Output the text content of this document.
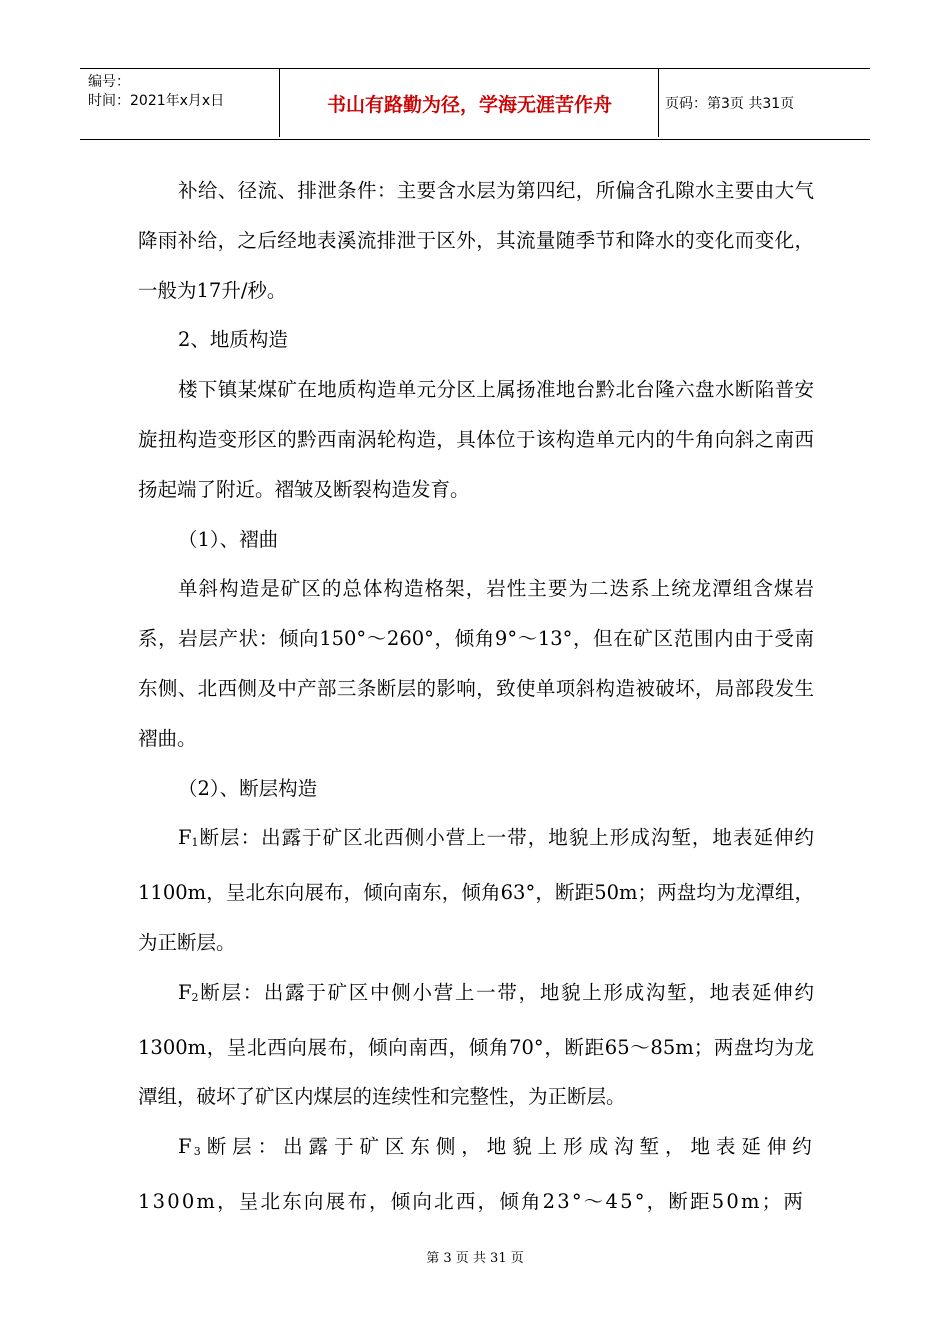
编号：
时间：2021年x月x日	书山有路勤为径，学海无涯苦作舟	页码：第3页 共31页

补给、径流、排泄条件：主要含水层为第四纪，所偏含孔隙水主要由大气降雨补给，之后经地表溪流排泄于区外，其流量随季节和降水的变化而变化，一般为17升/秒。

2、地质构造

楼下镇某煤矿在地质构造单元分区上属扬准地台黔北台隆六盘水断陷普安旋扭构造变形区的黔西南涡轮构造，具体位于该构造单元内的牛角向斜之南西扬起端了附近。褶皱及断裂构造发育。

（1）、褶曲

单斜构造是矿区的总体构造格架，岩性主要为二迭系上统龙潭组含煤岩系，岩层产状：倾向150°～260°，倾角9°～13°，但在矿区范围内由于受南东侧、北西侧及中产部三条断层的影响，致使单项斜构造被破坏，局部段发生褶曲。

（2）、断层构造

F1断层：出露于矿区北西侧小营上一带，地貌上形成沟堑，地表延伸约1100m，呈北东向展布，倾向南东，倾角63°，断距50m；两盘均为龙潭组，为正断层。

F2断层：出露于矿区中侧小营上一带，地貌上形成沟堑，地表延伸约1300m，呈北西向展布，倾向南西，倾角70°，断距65～85m；两盘均为龙潭组，破坏了矿区内煤层的连续性和完整性，为正断层。

F3断层：出露于矿区东侧，地貌上形成沟堑，地表延伸约1300m，呈北东向展布，倾向北西，倾角23°～45°，断距50m；两

第 3 页 共 31 页
